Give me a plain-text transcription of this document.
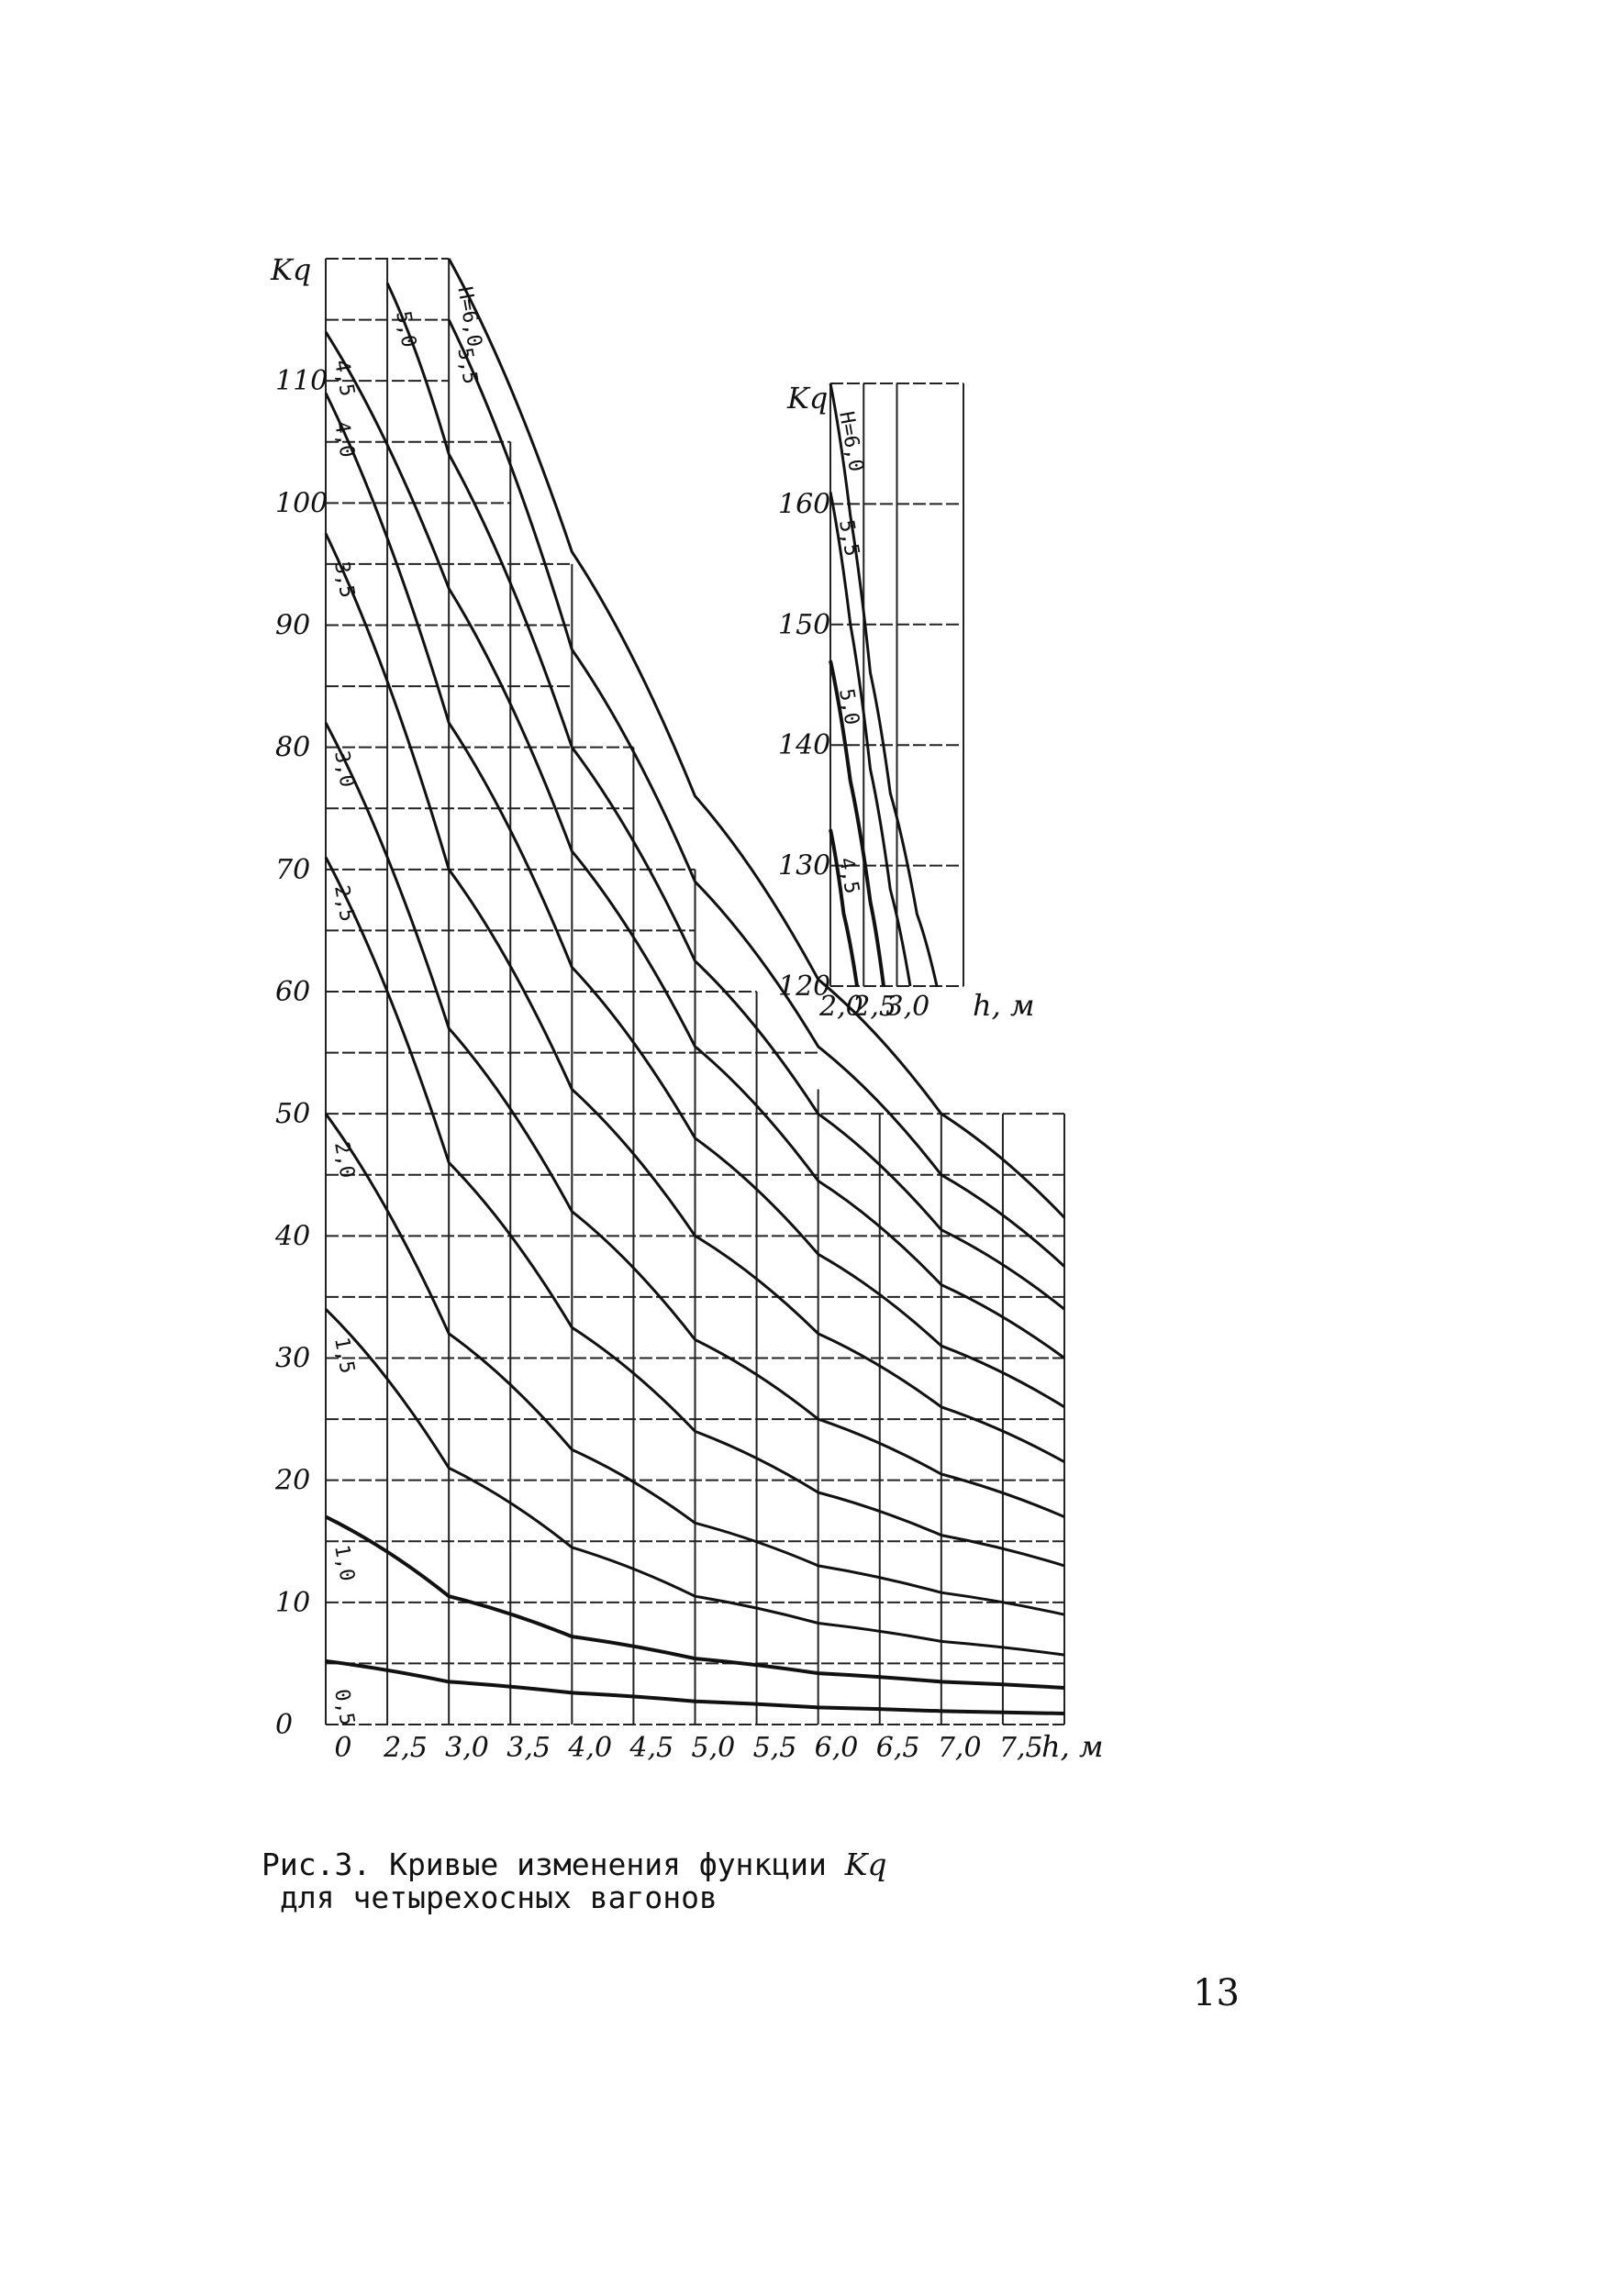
0,5
1,0
1,5
2,0
2,5
3,0
3,5
4,0
4,5
5,0
5,5
H=6,0
0
10
20
30
40
50
60
70
80
90
100
110
0 2,5 3,0 3,5 4,0 4,5 5,0 5,5 6,0 6,5 7,0 7,5
Kq
h, м
4,5
5,0
5,5
H=6,0
120
130
140
150
160
2,0
2,5
3,0
Kq
h, м
Рис.3. Кривые изменения функции Kq
для четырехосных вагонов
13
